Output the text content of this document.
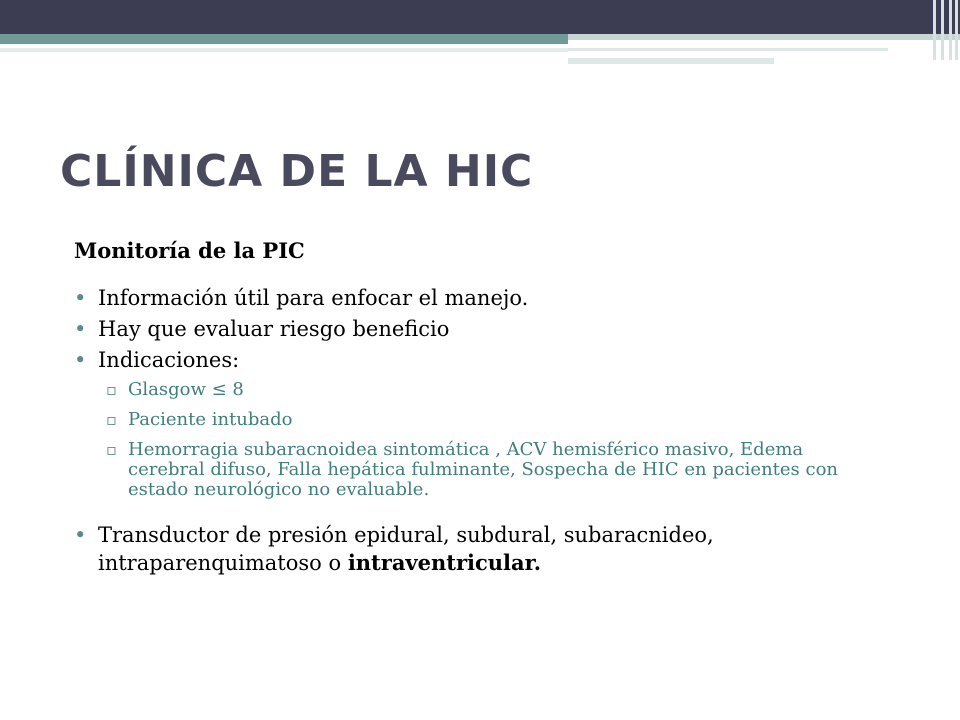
CLÍNICA DE LA HIC

Monitoría de la PIC

• Información útil para enfocar el manejo.
• Hay que evaluar riesgo beneficio
• Indicaciones:
▫ Glasgow ≤ 8
▫ Paciente intubado
▫ Hemorragia subaracnoidea sintomática , ACV hemisférico masivo, Edema cerebral difuso, Falla hepática fulminante, Sospecha de HIC en pacientes con estado neurológico no evaluable.
• Transductor de presión epidural, subdural, subaracnideo, intraparenquimatoso o intraventricular.
